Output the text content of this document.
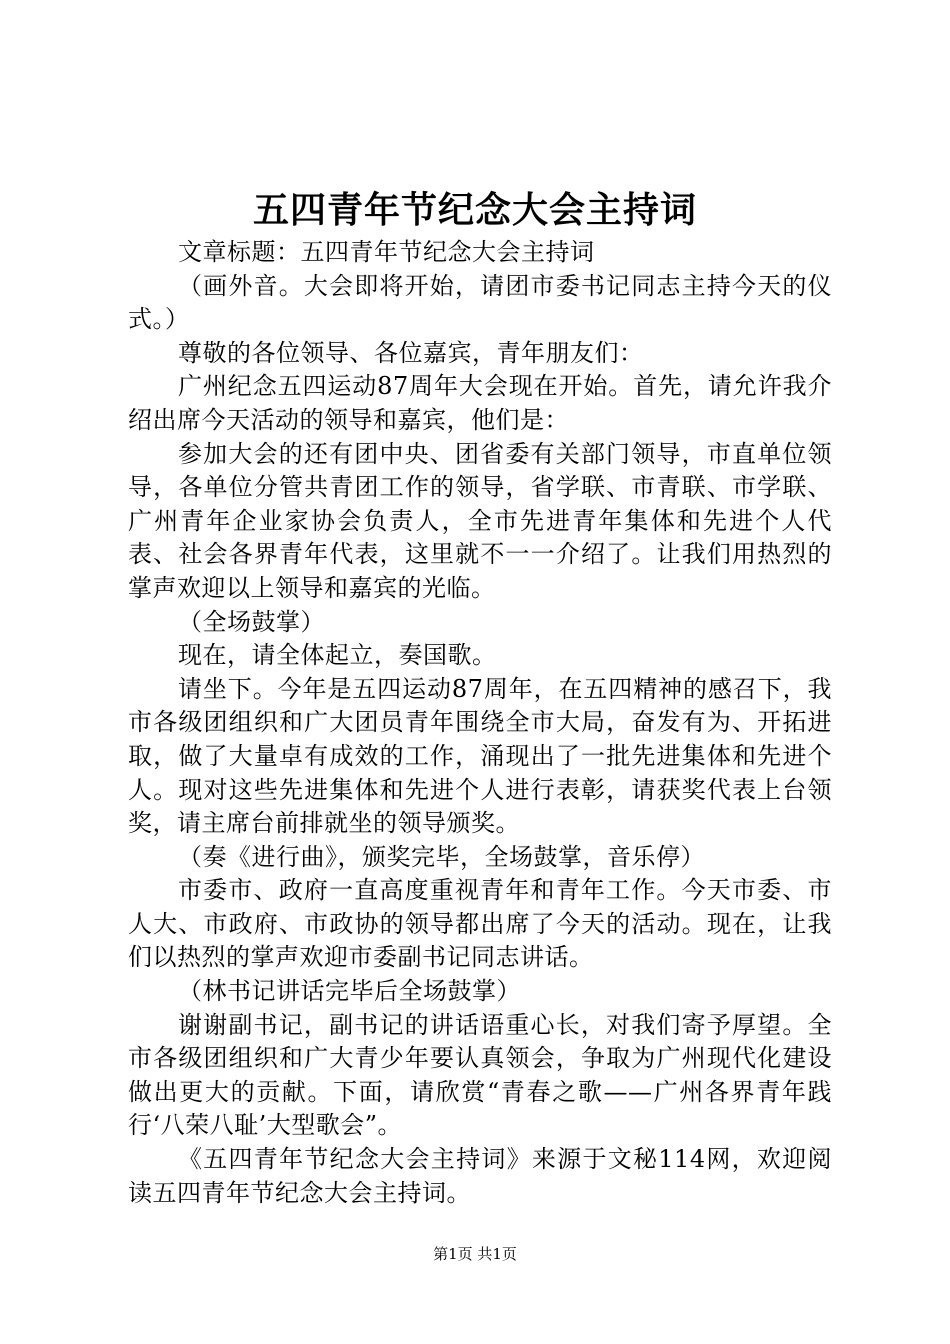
五四青年节纪念大会主持词

文章标题：五四青年节纪念大会主持词

（画外音。大会即将开始，请团市委书记同志主持今天的仪式。）

尊敬的各位领导、各位嘉宾，青年朋友们：

广州纪念五四运动87周年大会现在开始。首先，请允许我介绍出席今天活动的领导和嘉宾，他们是：

参加大会的还有团中央、团省委有关部门领导，市直单位领导，各单位分管共青团工作的领导，省学联、市青联、市学联、广州青年企业家协会负责人，全市先进青年集体和先进个人代表、社会各界青年代表，这里就不一一介绍了。让我们用热烈的掌声欢迎以上领导和嘉宾的光临。

（全场鼓掌）

现在，请全体起立，奏国歌。

请坐下。今年是五四运动87周年，在五四精神的感召下，我市各级团组织和广大团员青年围绕全市大局，奋发有为、开拓进取，做了大量卓有成效的工作，涌现出了一批先进集体和先进个人。现对这些先进集体和先进个人进行表彰，请获奖代表上台领奖，请主席台前排就坐的领导颁奖。

（奏《进行曲》，颁奖完毕，全场鼓掌，音乐停）

市委市、政府一直高度重视青年和青年工作。今天市委、市人大、市政府、市政协的领导都出席了今天的活动。现在，让我们以热烈的掌声欢迎市委副书记同志讲话。

（林书记讲话完毕后全场鼓掌）

谢谢副书记，副书记的讲话语重心长，对我们寄予厚望。全市各级团组织和广大青少年要认真领会，争取为广州现代化建设做出更大的贡献。下面，请欣赏“青春之歌——广州各界青年践行‘八荣八耻’大型歌会”。

《五四青年节纪念大会主持词》来源于文秘114网，欢迎阅读五四青年节纪念大会主持词。

第1页 共1页
